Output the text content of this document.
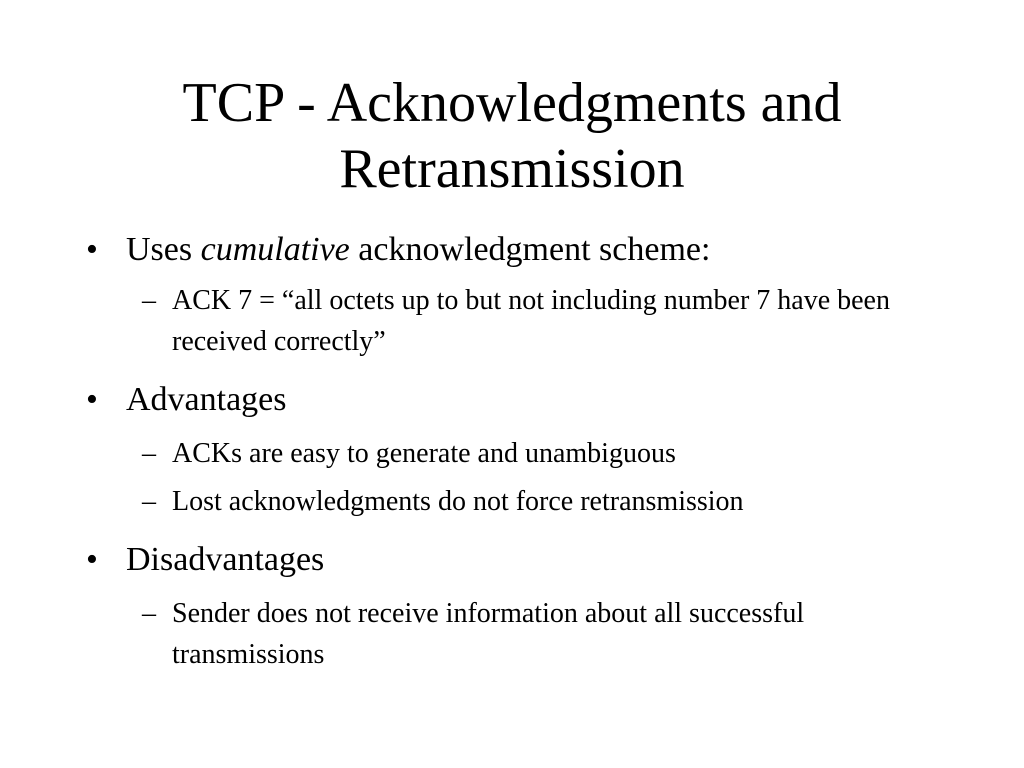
TCP - Acknowledgments and
Retransmission
• Uses cumulative acknowledgment scheme:
– ACK 7 = “all octets up to but not including number 7 have been received correctly”
• Advantages
– ACKs are easy to generate and unambiguous
– Lost acknowledgments do not force retransmission
• Disadvantages
– Sender does not receive information about all successful transmissions
